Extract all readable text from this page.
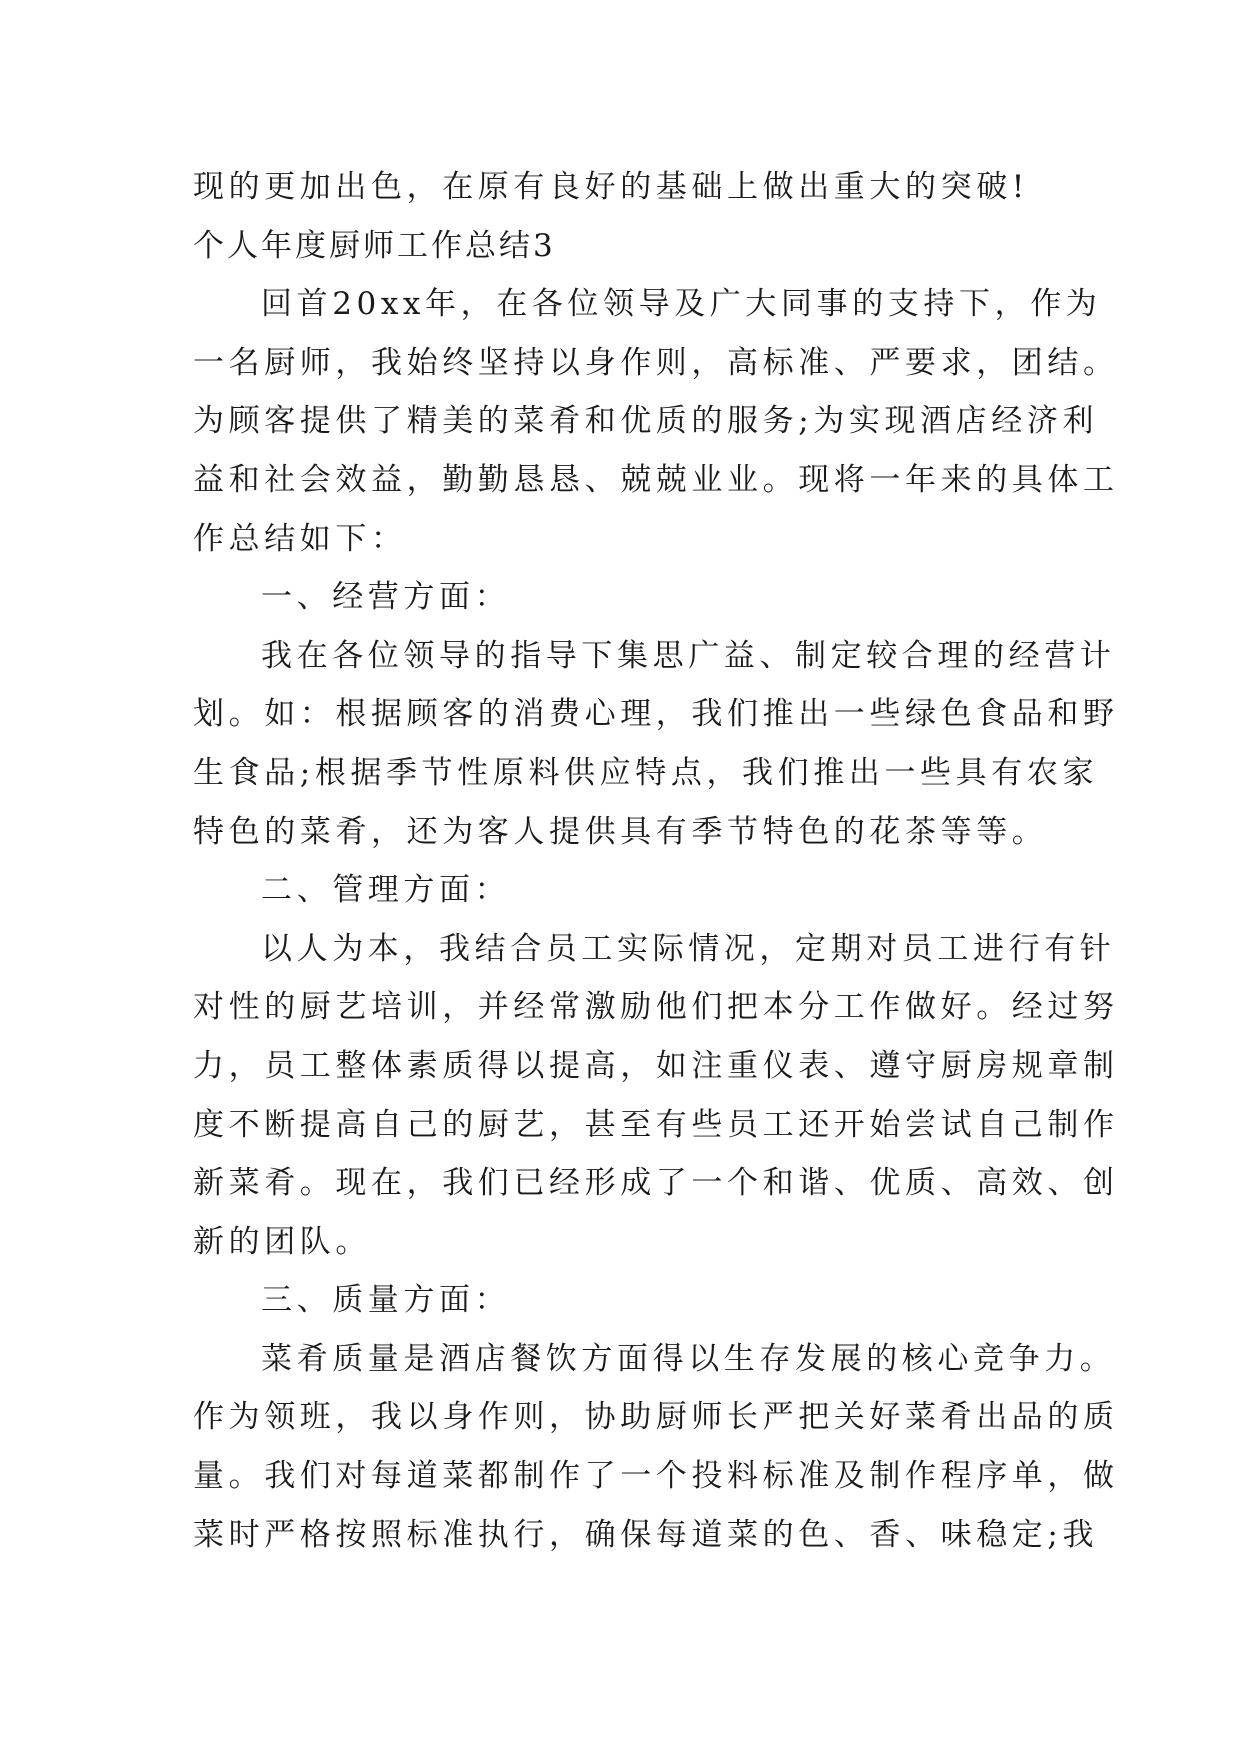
现的更加出色，在原有良好的基础上做出重大的突破!
个人年度厨师工作总结3
回首20xx年，在各位领导及广大同事的支持下，作为
一名厨师，我始终坚持以身作则，高标准、严要求，团结。
为顾客提供了精美的菜肴和优质的服务;为实现酒店经济利
益和社会效益，勤勤恳恳、兢兢业业。现将一年来的具体工
作总结如下：
一、经营方面：
我在各位领导的指导下集思广益、制定较合理的经营计
划。如：根据顾客的消费心理，我们推出一些绿色食品和野
生食品;根据季节性原料供应特点，我们推出一些具有农家
特色的菜肴，还为客人提供具有季节特色的花茶等等。
二、管理方面：
以人为本，我结合员工实际情况，定期对员工进行有针
对性的厨艺培训，并经常激励他们把本分工作做好。经过努
力，员工整体素质得以提高，如注重仪表、遵守厨房规章制
度不断提高自己的厨艺，甚至有些员工还开始尝试自己制作
新菜肴。现在，我们已经形成了一个和谐、优质、高效、创
新的团队。
三、质量方面：
菜肴质量是酒店餐饮方面得以生存发展的核心竞争力。
作为领班，我以身作则，协助厨师长严把关好菜肴出品的质
量。我们对每道菜都制作了一个投料标准及制作程序单，做
菜时严格按照标准执行，确保每道菜的色、香、味稳定;我
